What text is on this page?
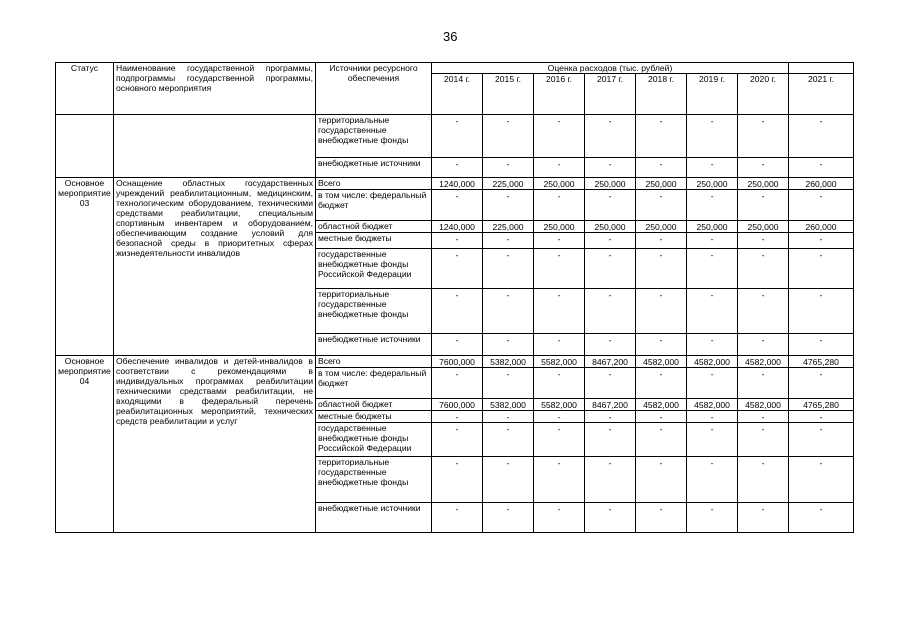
36
Статус	Наименование государственной программы, подпрограммы государственной программы, основного мероприятия	Источники ресурсного обеспечения	Оценка расходов (тыс. рублей)							
			2014 г.	2015 г.	2016 г.	2017 г.	2018 г.	2019 г.	2020 г.	2021 г.
		территориальные государственные внебюджетные фонды	-	-	-	-	-	-	-	-
		внебюджетные источники	-	-	-	-	-	-	-	-
Основное мероприятие 03	Оснащение областных государственных учреждений реабилитационным, медицинским, технологическим оборудованием, техническими средствами реабилитации, специальным спортивным инвентарем и оборудованием, обеспечивающим создание условий для безопасной среды в приоритетных сферах жизнедеятельности инвалидов	Всего	1240,000	225,000	250,000	250,000	250,000	250,000	250,000	260,000
		в том числе: федеральный бюджет	-	-	-	-	-	-	-	-
		областной бюджет	1240,000	225,000	250,000	250,000	250,000	250,000	250,000	260,000
		местные бюджеты	-	-	-	-	-	-	-	-
		государственные внебюджетные фонды Российской Федерации	-	-	-	-	-	-	-	-
		территориальные государственные внебюджетные фонды	-	-	-	-	-	-	-	-
		внебюджетные источники	-	-	-	-	-	-	-	-
Основное мероприятие 04	Обеспечение инвалидов и детей-инвалидов в соответствии с рекомендациями в индивидуальных программах реабилитации техническими средствами реабилитации, не входящими в федеральный перечень реабилитационных мероприятий, технических средств реабилитации и услуг	Всего	7600,000	5382,000	5582,000	8467,200	4582,000	4582,000	4582,000	4765,280
		в том числе: федеральный бюджет	-	-	-	-	-	-	-	-
		областной бюджет	7600,000	5382,000	5582,000	8467,200	4582,000	4582,000	4582,000	4765,280
		местные бюджеты	-	-	-	-	-	-	-	-
		государственные внебюджетные фонды Российской Федерации	-	-	-	-	-	-	-	-
		территориальные государственные внебюджетные фонды	-	-	-	-	-	-	-	-
		внебюджетные источники	-	-	-	-	-	-	-	-
